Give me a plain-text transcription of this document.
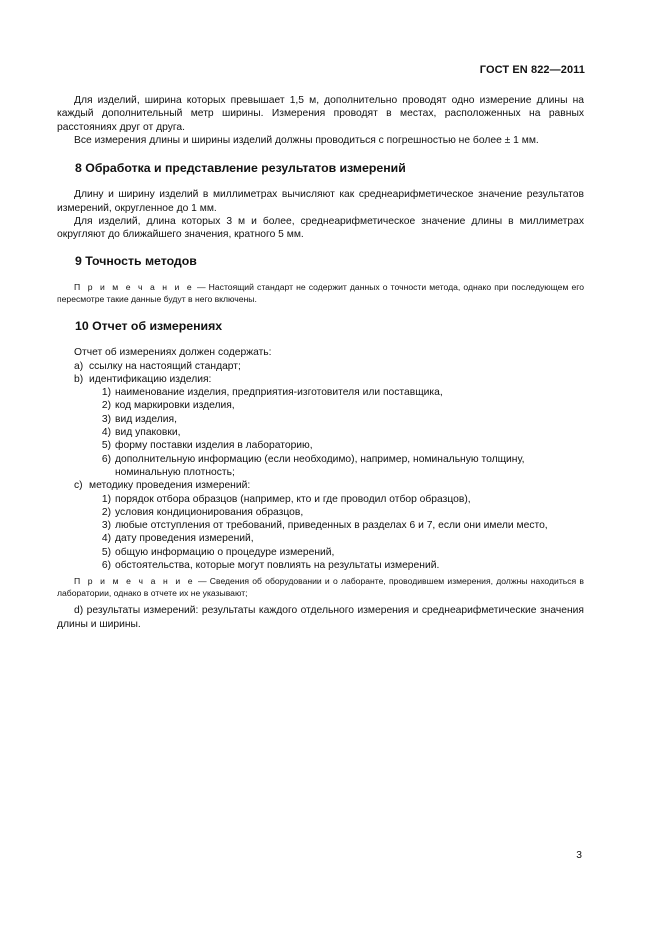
ГОСТ EN 822—2011

Для изделий, ширина которых превышает 1,5 м, дополнительно проводят одно измерение длины на каждый дополнительный метр ширины. Измерения проводят в местах, расположенных на равных расстояниях друг от друга.

Все измерения длины и ширины изделий должны проводиться с погрешностью не более ± 1 мм.

8 Обработка и представление результатов измерений

Длину и ширину изделий в миллиметрах вычисляют как среднеарифметическое значение результатов измерений, округленное до 1 мм.

Для изделий, длина которых 3 м и более, среднеарифметическое значение длины в миллиметрах округляют до ближайшего значения, кратного 5 мм.

9 Точность методов

П р и м е ч а н и е — Настоящий стандарт не содержит данных о точности метода, однако при последующем его пересмотре такие данные будут в него включены.

10 Отчет об измерениях

Отчет об измерениях должен содержать:

а) ссылку на настоящий стандарт;
b) идентификацию изделия:
1) наименование изделия, предприятия-изготовителя или поставщика,
2) код маркировки изделия,
3) вид изделия,
4) вид упаковки,
5) форму поставки изделия в лабораторию,
6) дополнительную информацию (если необходимо), например, номинальную толщину,
номинальную плотность;
с) методику проведения измерений:
1) порядок отбора образцов (например, кто и где проводил отбор образцов),
2) условия кондиционирования образцов,
3) любые отступления от требований, приведенных в разделах 6 и 7, если они имели место,
4) дату проведения измерений,
5) общую информацию о процедуре измерений,
6) обстоятельства, которые могут повлиять на результаты измерений.

П р и м е ч а н и е — Сведения об оборудовании и о лаборанте, проводившем измерения, должны находиться в лаборатории, однако в отчете их не указывают;

d) результаты измерений: результаты каждого отдельного измерения и среднеарифметические значения длины и ширины.

3
